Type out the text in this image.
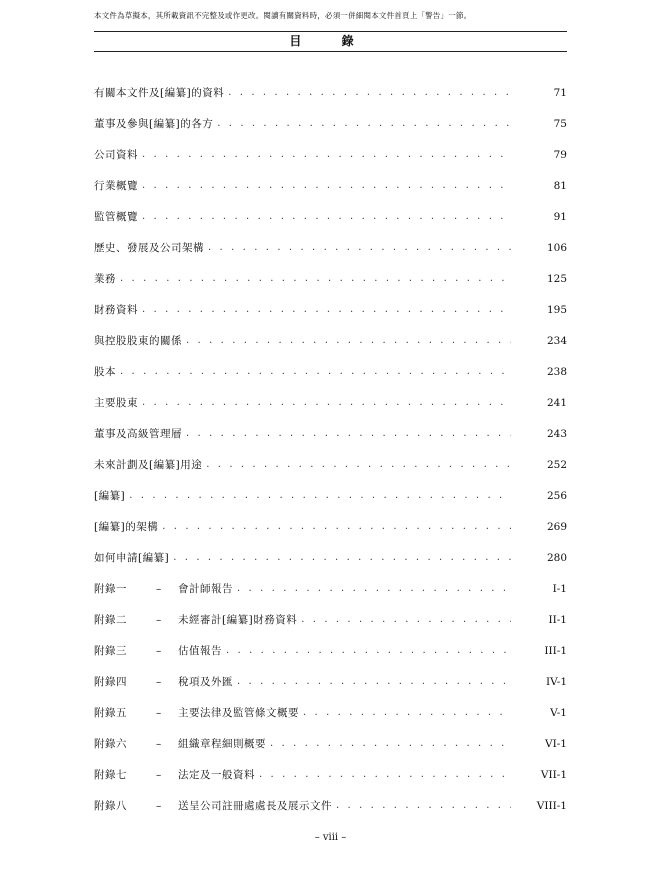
本文件為草擬本，其所載資訊不完整及或作更改。閱讀有關資料時，必須一併細閱本文件首頁上「警告」一節。
目 錄
有關本文件及[編纂]的資料 . . .	71
董事及參與[編纂]的各方 . . .	75
公司資料 . . .	79
行業概覽 . . .	81
監管概覽 . . .	91
歷史、發展及公司架構 . . .	106
業務 . . .	125
財務資料 . . .	195
與控股股東的關係 . . .	234
股本 . . .	238
主要股東 . . .	241
董事及高級管理層 . . .	243
未來計劃及[編纂]用途 . . .	252
[編纂] . . .	256
[編纂]的架構 . . .	269
如何申請[編纂] . . .	280
附錄一	–	會計師報告 . . .	I-1
附錄二	–	未經審計[編纂]財務資料 . . .	II-1
附錄三	–	估值報告 . . .	III-1
附錄四	–	稅項及外匯 . . .	IV-1
附錄五	–	主要法律及監管條文概要 . . .	V-1
附錄六	–	組織章程細則概要 . . .	VI-1
附錄七	–	法定及一般資料 . . .	VII-1
附錄八	–	送呈公司註冊處處長及展示文件 . . .	VIII-1
– viii –
